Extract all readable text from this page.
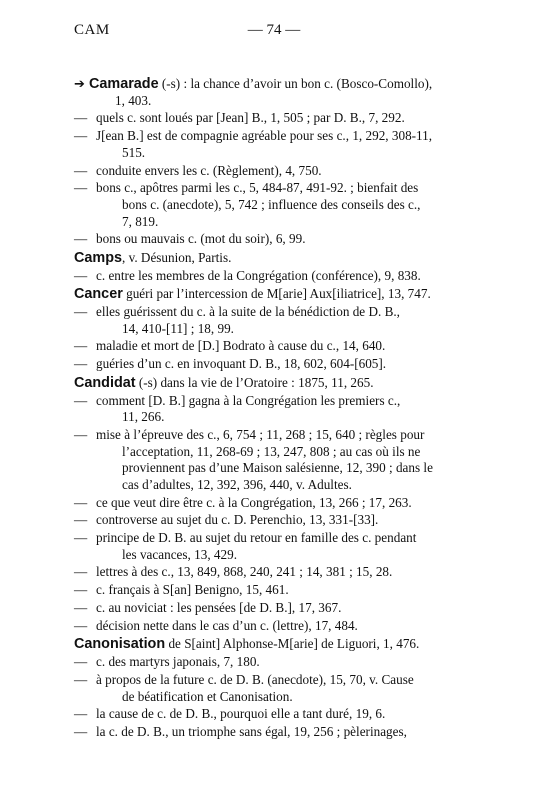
CAM	— 74 —
➔ Camarade (-s) : la chance d’avoir un bon c. (Bosco-Comollo),
1, 403.
— quels c. sont loués par [Jean] B., 1, 505 ; par D. B., 7, 292.
— J[ean B.] est de compagnie agréable pour ses c., 1, 292, 308-11,
515.
— conduite envers les c. (Règlement), 4, 750.
— bons c., apôtres parmi les c., 5, 484-87, 491-92. ; bienfait des
bons c. (anecdote), 5, 742 ; influence des conseils des c.,
7, 819.
— bons ou mauvais c. (mot du soir), 6, 99.
Camps, v. Désunion, Partis.
— c. entre les membres de la Congrégation (conférence), 9, 838.
Cancer guéri par l’intercession de M[arie] Aux[iliatrice], 13, 747.
— elles guérissent du c. à la suite de la bénédiction de D. B.,
14, 410-[11] ; 18, 99.
— maladie et mort de [D.] Bodrato à cause du c., 14, 640.
— guéries d’un c. en invoquant D. B., 18, 602, 604-[605].
Candidat (-s) dans la vie de l’Oratoire : 1875, 11, 265.
— comment [D. B.] gagna à la Congrégation les premiers c.,
11, 266.
— mise à l’épreuve des c., 6, 754 ; 11, 268 ; 15, 640 ; règles pour
l’acceptation, 11, 268-69 ; 13, 247, 808 ; au cas où ils ne
proviennent pas d’une Maison salésienne, 12, 390 ; dans le
cas d’adultes, 12, 392, 396, 440, v. Adultes.
— ce que veut dire être c. à la Congrégation, 13, 266 ; 17, 263.
— controverse au sujet du c. D. Perenchio, 13, 331-[33].
— principe de D. B. au sujet du retour en famille des c. pendant
les vacances, 13, 429.
— lettres à des c., 13, 849, 868, 240, 241 ; 14, 381 ; 15, 28.
— c. français à S[an] Benigno, 15, 461.
— c. au noviciat : les pensées [de D. B.], 17, 367.
— décision nette dans le cas d’un c. (lettre), 17, 484.
Canonisation de S[aint] Alphonse-M[arie] de Liguori, 1, 476.
— c. des martyrs japonais, 7, 180.
— à propos de la future c. de D. B. (anecdote), 15, 70, v. Cause
de béatification et Canonisation.
— la cause de c. de D. B., pourquoi elle a tant duré, 19, 6.
— la c. de D. B., un triomphe sans égal, 19, 256 ; pèlerinages,
